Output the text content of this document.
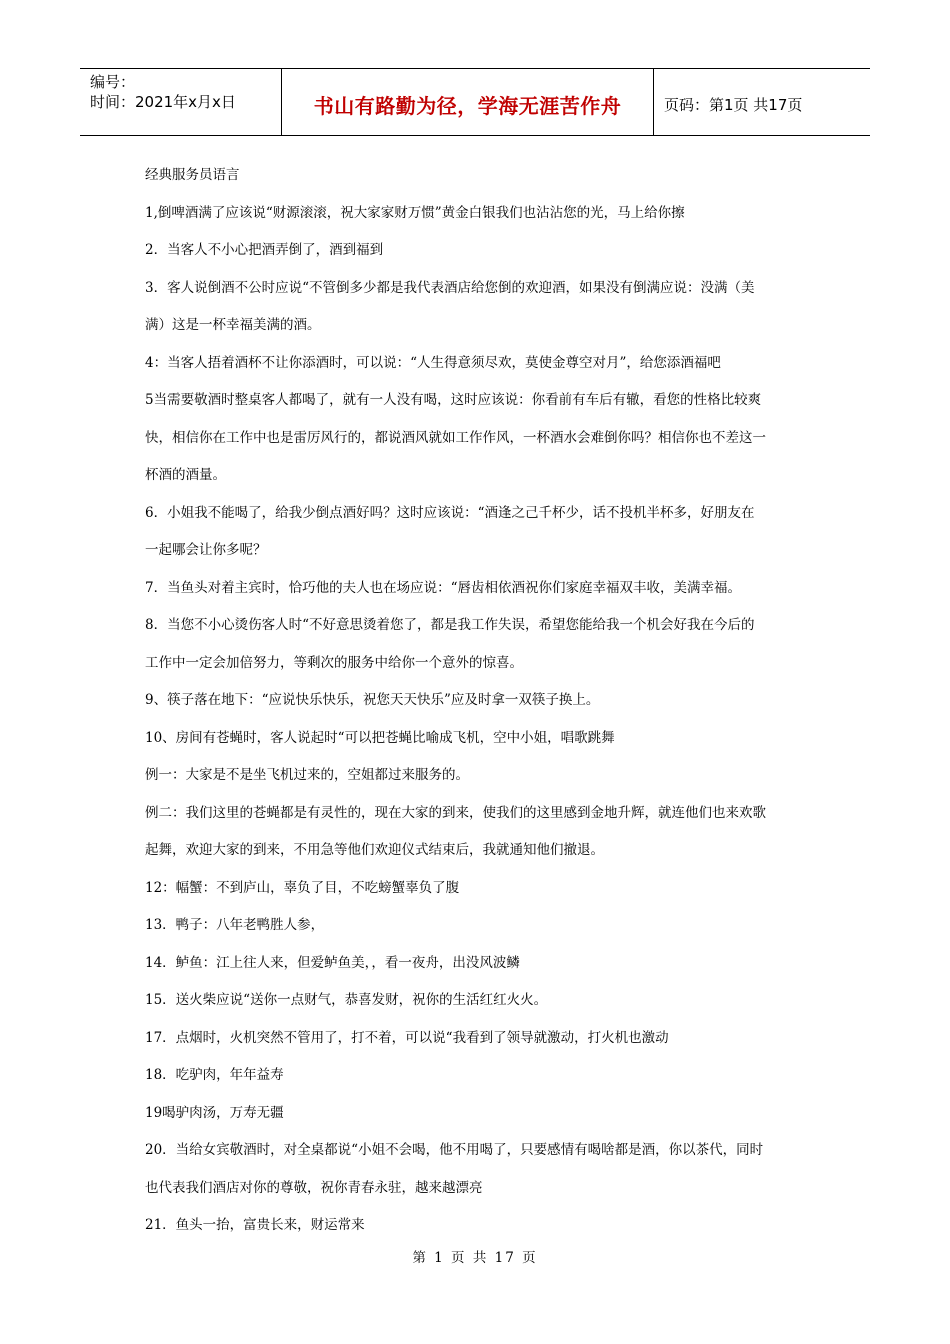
编号：
时间：2021年x月x日	书山有路勤为径，学海无涯苦作舟	页码：第1页 共17页
经典服务员语言
1,倒啤酒满了应该说“财源滚滚，祝大家家财万惯”黄金白银我们也沾沾您的光，马上给你擦
2．当客人不小心把酒弄倒了，酒到福到
3．客人说倒酒不公时应说“不管倒多少都是我代表酒店给您倒的欢迎酒，如果没有倒满应说：没满（美
满）这是一杯幸福美满的酒。
4：当客人捂着酒杯不让你添酒时，可以说：“人生得意须尽欢，莫使金尊空对月”，给您添酒福吧
5当需要敬酒时整桌客人都喝了，就有一人没有喝，这时应该说：你看前有车后有辙，看您的性格比较爽
快，相信你在工作中也是雷厉风行的，都说酒风就如工作作风，一杯酒水会难倒你吗？相信你也不差这一
杯酒的酒量。
6．小姐我不能喝了，给我少倒点酒好吗？这时应该说：“酒逢之己千杯少，话不投机半杯多，好朋友在
一起哪会让你多呢？
7．当鱼头对着主宾时，恰巧他的夫人也在场应说：“唇齿相依酒祝你们家庭幸福双丰收，美满幸福。
8．当您不小心烫伤客人时“不好意思烫着您了，都是我工作失误，希望您能给我一个机会好我在今后的
工作中一定会加倍努力，等剩次的服务中给你一个意外的惊喜。
9、筷子落在地下：“应说快乐快乐，祝您天天快乐”应及时拿一双筷子换上。
10、房间有苍蝇时，客人说起时“可以把苍蝇比喻成飞机，空中小姐，唱歌跳舞
例一：大家是不是坐飞机过来的，空姐都过来服务的。
例二：我们这里的苍蝇都是有灵性的，现在大家的到来，使我们的这里感到金地升辉，就连他们也来欢歌
起舞，欢迎大家的到来，不用急等他们欢迎仪式结束后，我就通知他们撤退。
12：幅蟹：不到庐山，辜负了目，不吃螃蟹辜负了腹
13．鸭子：八年老鸭胜人参，
14．鲈鱼：江上往人来，但爱鲈鱼美，，看一夜舟，出没风波鳞
15．送火柴应说“送你一点财气，恭喜发财，祝你的生活红红火火。
17．点烟时，火机突然不管用了，打不着，可以说“我看到了领导就激动，打火机也激动
18．吃驴肉，年年益寿
19喝驴肉汤，万寿无疆
20．当给女宾敬酒时，对全桌都说“小姐不会喝，他不用喝了，只要感情有喝啥都是酒，你以茶代，同时
也代表我们酒店对你的尊敬，祝你青春永驻，越来越漂亮
21．鱼头一抬，富贵长来，财运常来
第 1 页 共 17 页
